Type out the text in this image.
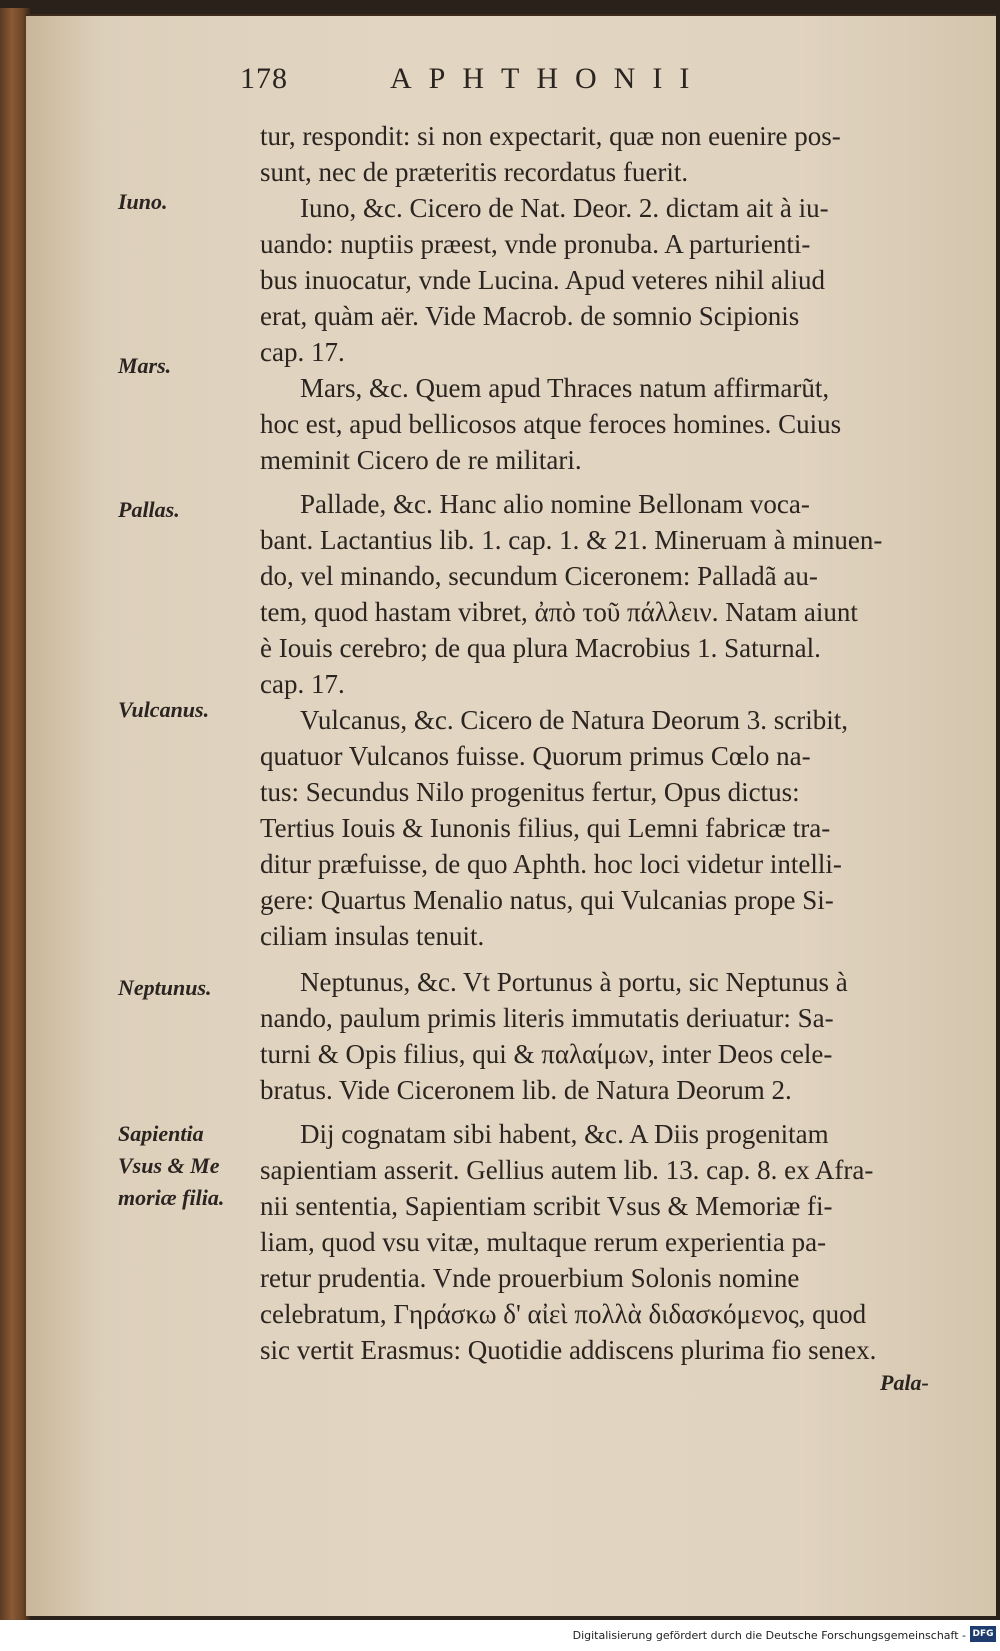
178	APHTHONII
Iuno.
Mars.
Pallas.
Vulcanus.
Neptunus.
Sapientia
Vsus & Me
moriæ filia.
tur, respondit: si non expectarit, quæ non euenire pos-
sunt, nec de præteritis recordatus fuerit.
Iuno, &c. Cicero de Nat. Deor. 2. dictam ait à iu-
uando: nuptiis præest, vnde pronuba. A parturienti-
bus inuocatur, vnde Lucina. Apud veteres nihil aliud
erat, quàm aër. Vide Macrob. de somnio Scipionis
cap. 17.
Mars, &c. Quem apud Thraces natum affirmarũt,
hoc est, apud bellicosos atque feroces homines. Cuius
meminit Cicero de re militari.
Pallade, &c. Hanc alio nomine Bellonam voca-
bant. Lactantius lib. 1. cap. 1. & 21. Mineruam à minuen-
do, vel minando, secundum Ciceronem: Palladã au-
tem, quod hastam vibret, ἀπὸ τοῦ πάλλειν. Natam aiunt
è Iouis cerebro; de qua plura Macrobius 1. Saturnal.
cap. 17.
Vulcanus, &c. Cicero de Natura Deorum 3. scribit,
quatuor Vulcanos fuisse. Quorum primus Cœlo na-
tus: Secundus Nilo progenitus fertur, Opus dictus:
Tertius Iouis & Iunonis filius, qui Lemni fabricæ tra-
ditur præfuisse, de quo Aphth. hoc loci videtur intelli-
gere: Quartus Menalio natus, qui Vulcanias prope Si-
ciliam insulas tenuit.
Neptunus, &c. Vt Portunus à portu, sic Neptunus à
nando, paulum primis literis immutatis deriuatur: Sa-
turni & Opis filius, qui & παλαίμων, inter Deos cele-
bratus. Vide Ciceronem lib. de Natura Deorum 2.
Dij cognatam sibi habent, &c. A Diis progenitam
sapientiam asserit. Gellius autem lib. 13. cap. 8. ex Afra-
nii sententia, Sapientiam scribit Vsus & Memoriæ fi-
liam, quod vsu vitæ, multaque rerum experientia pa-
retur prudentia. Vnde prouerbium Solonis nomine
celebratum, Γηράσκω δ' αἰεὶ πολλὰ διδασκόμενος, quod
sic vertit Erasmus: Quotidie addiscens plurima fio senex.
Pala-
Digitalisierung gefördert durch die Deutsche Forschungsgemeinschaft - DFG
